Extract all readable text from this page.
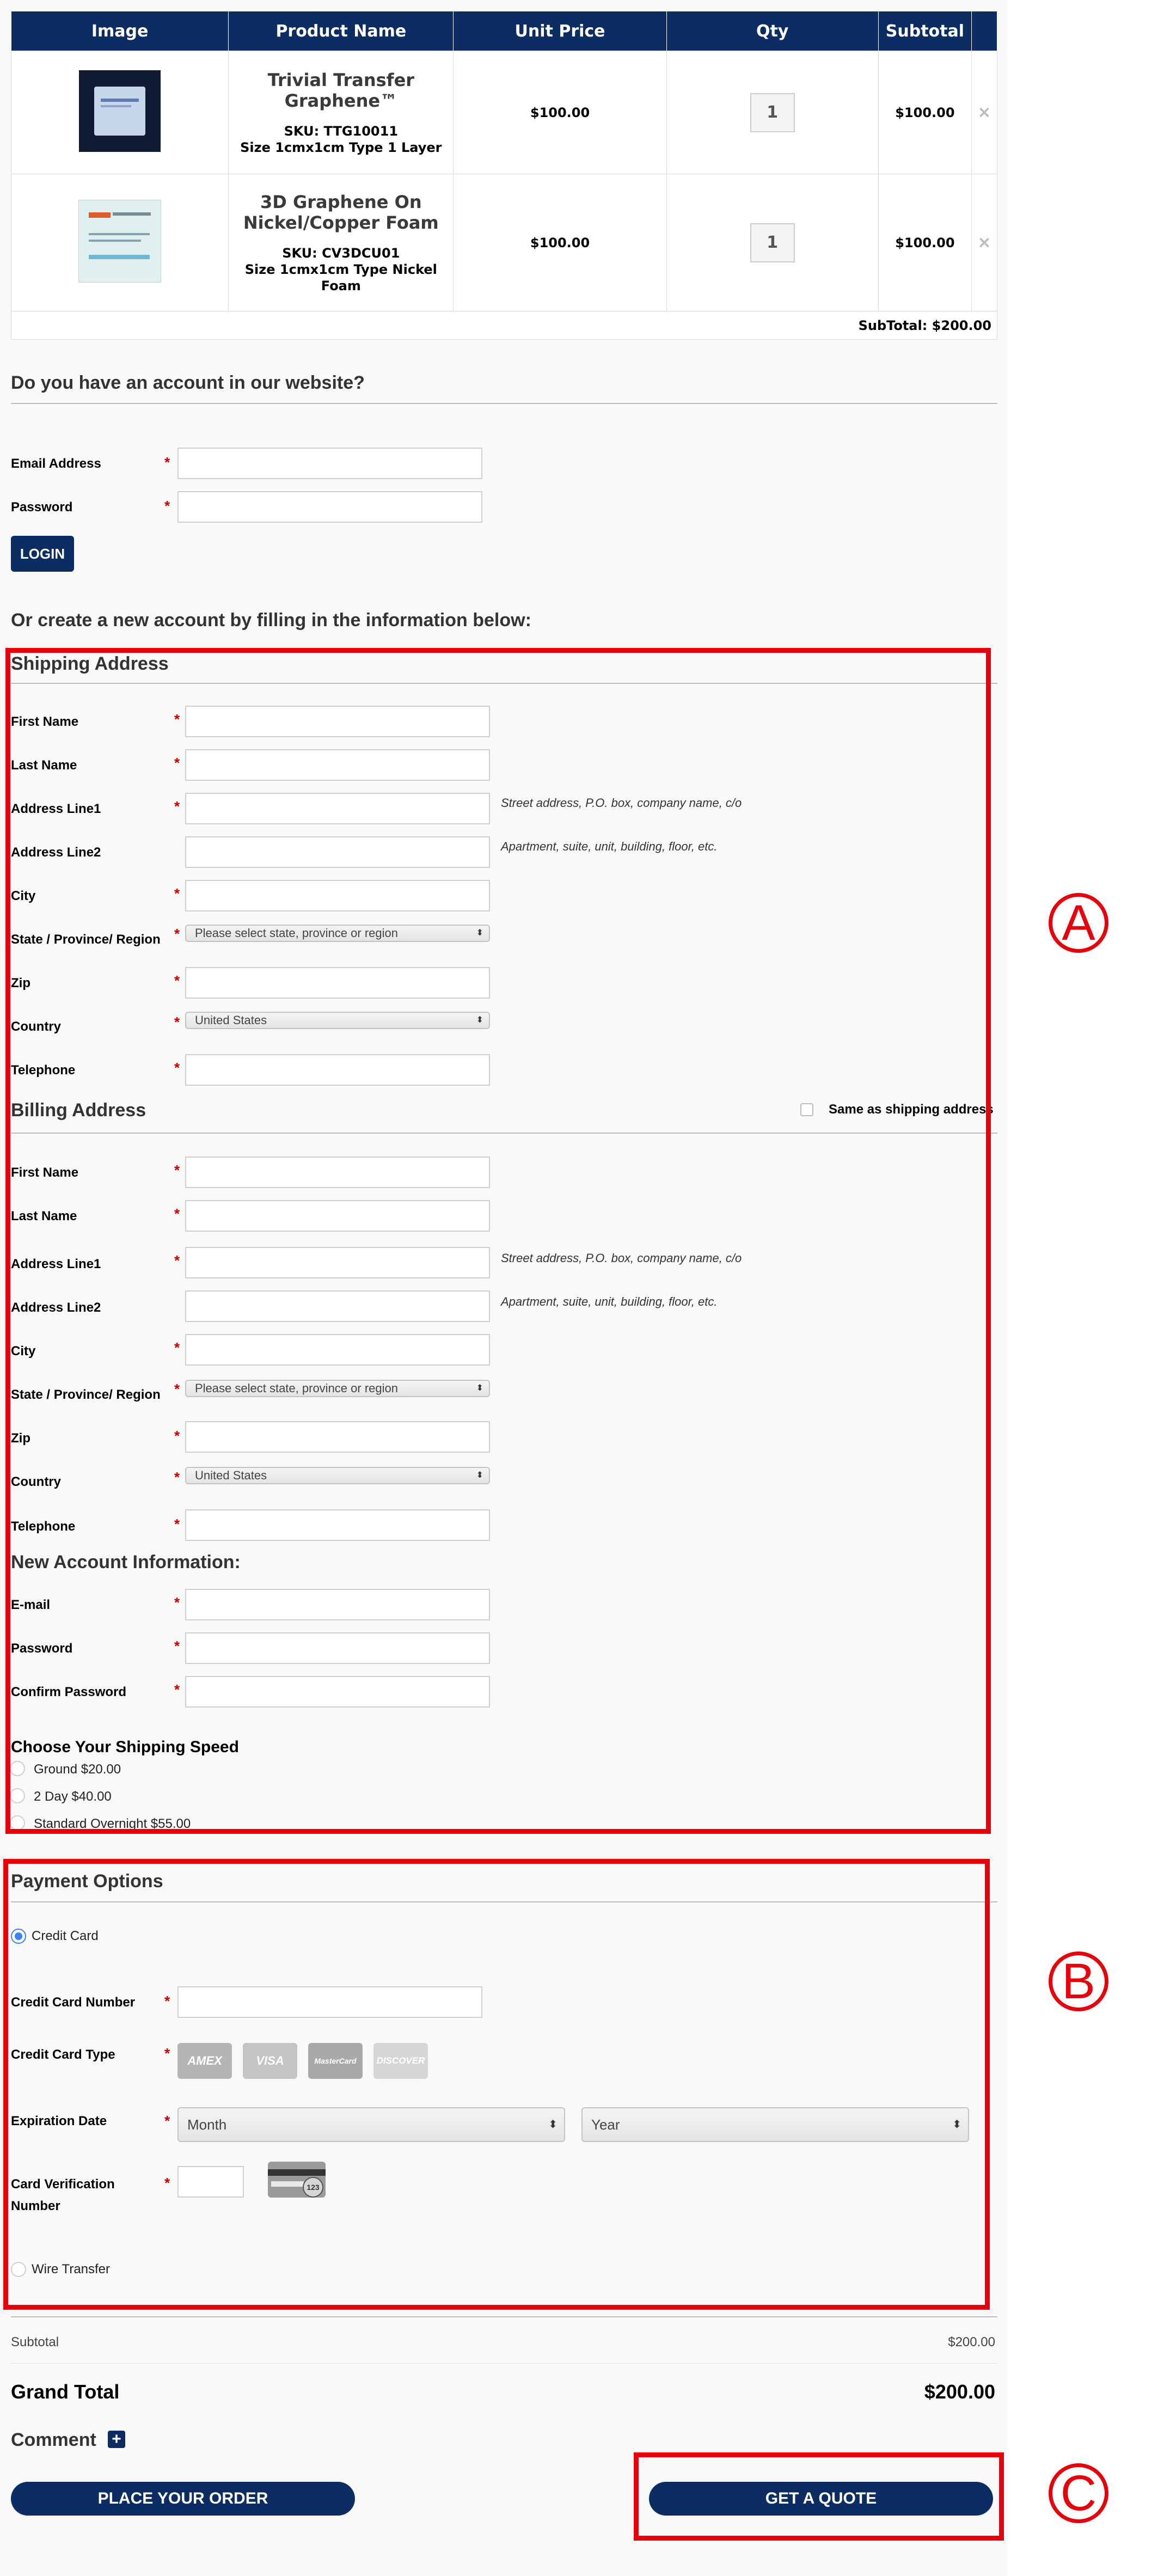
Image	Product Name	Unit Price	Qty	Subtotal	

	Trivial Transfer Graphene™
SKU: TTG10011
Size 1cmx1cm Type 1 Layer	$100.00	1	$100.00	×

	3D Graphene On Nickel/Copper Foam
SKU: CV3DCU01
Size 1cmx1cm Type Nickel Foam	$100.00	1	$100.00	×
SubTotal: $200.00					
Do you have an account in our website?
Email Address	*
Password	*
LOGIN
Or create a new account by filling in the information below:
Shipping Address
First Name	*
Last Name	*
Address Line1	*	Street address, P.O. box, company name, c/o
Address Line2	Apartment, suite, unit, building, floor, etc.
City	*
State / Province/ Region *	Please select state, province or region	⬍
Zip	*
Country	*	United States	⬍
Telephone	*
Billing Address	Same as shipping address
First Name	*
Last Name	*
Address Line1	*	Street address, P.O. box, company name, c/o
Address Line2	Apartment, suite, unit, building, floor, etc.
City	*
State / Province/ Region *	Please select state, province or region	⬍
Zip	*
Country	*	United States	⬍
Telephone	*
New Account Information:
E-mail	*
Password	*
Confirm Password	*
Choose Your Shipping Speed
Ground $20.00
2 Day $40.00
Standard Overnight $55.00
Payment Options
Credit Card
Credit Card Number *
Credit Card Type	*	AMEX	VISA	MasterCard	DISCOVER
Expiration Date	*	Month	⬍	Year	⬍
Card Verification
Number
*	123
Wire Transfer
Subtotal	$200.00
Grand Total	$200.00
Comment +
PLACE YOUR ORDER	GET A QUOTE
A
B
C
